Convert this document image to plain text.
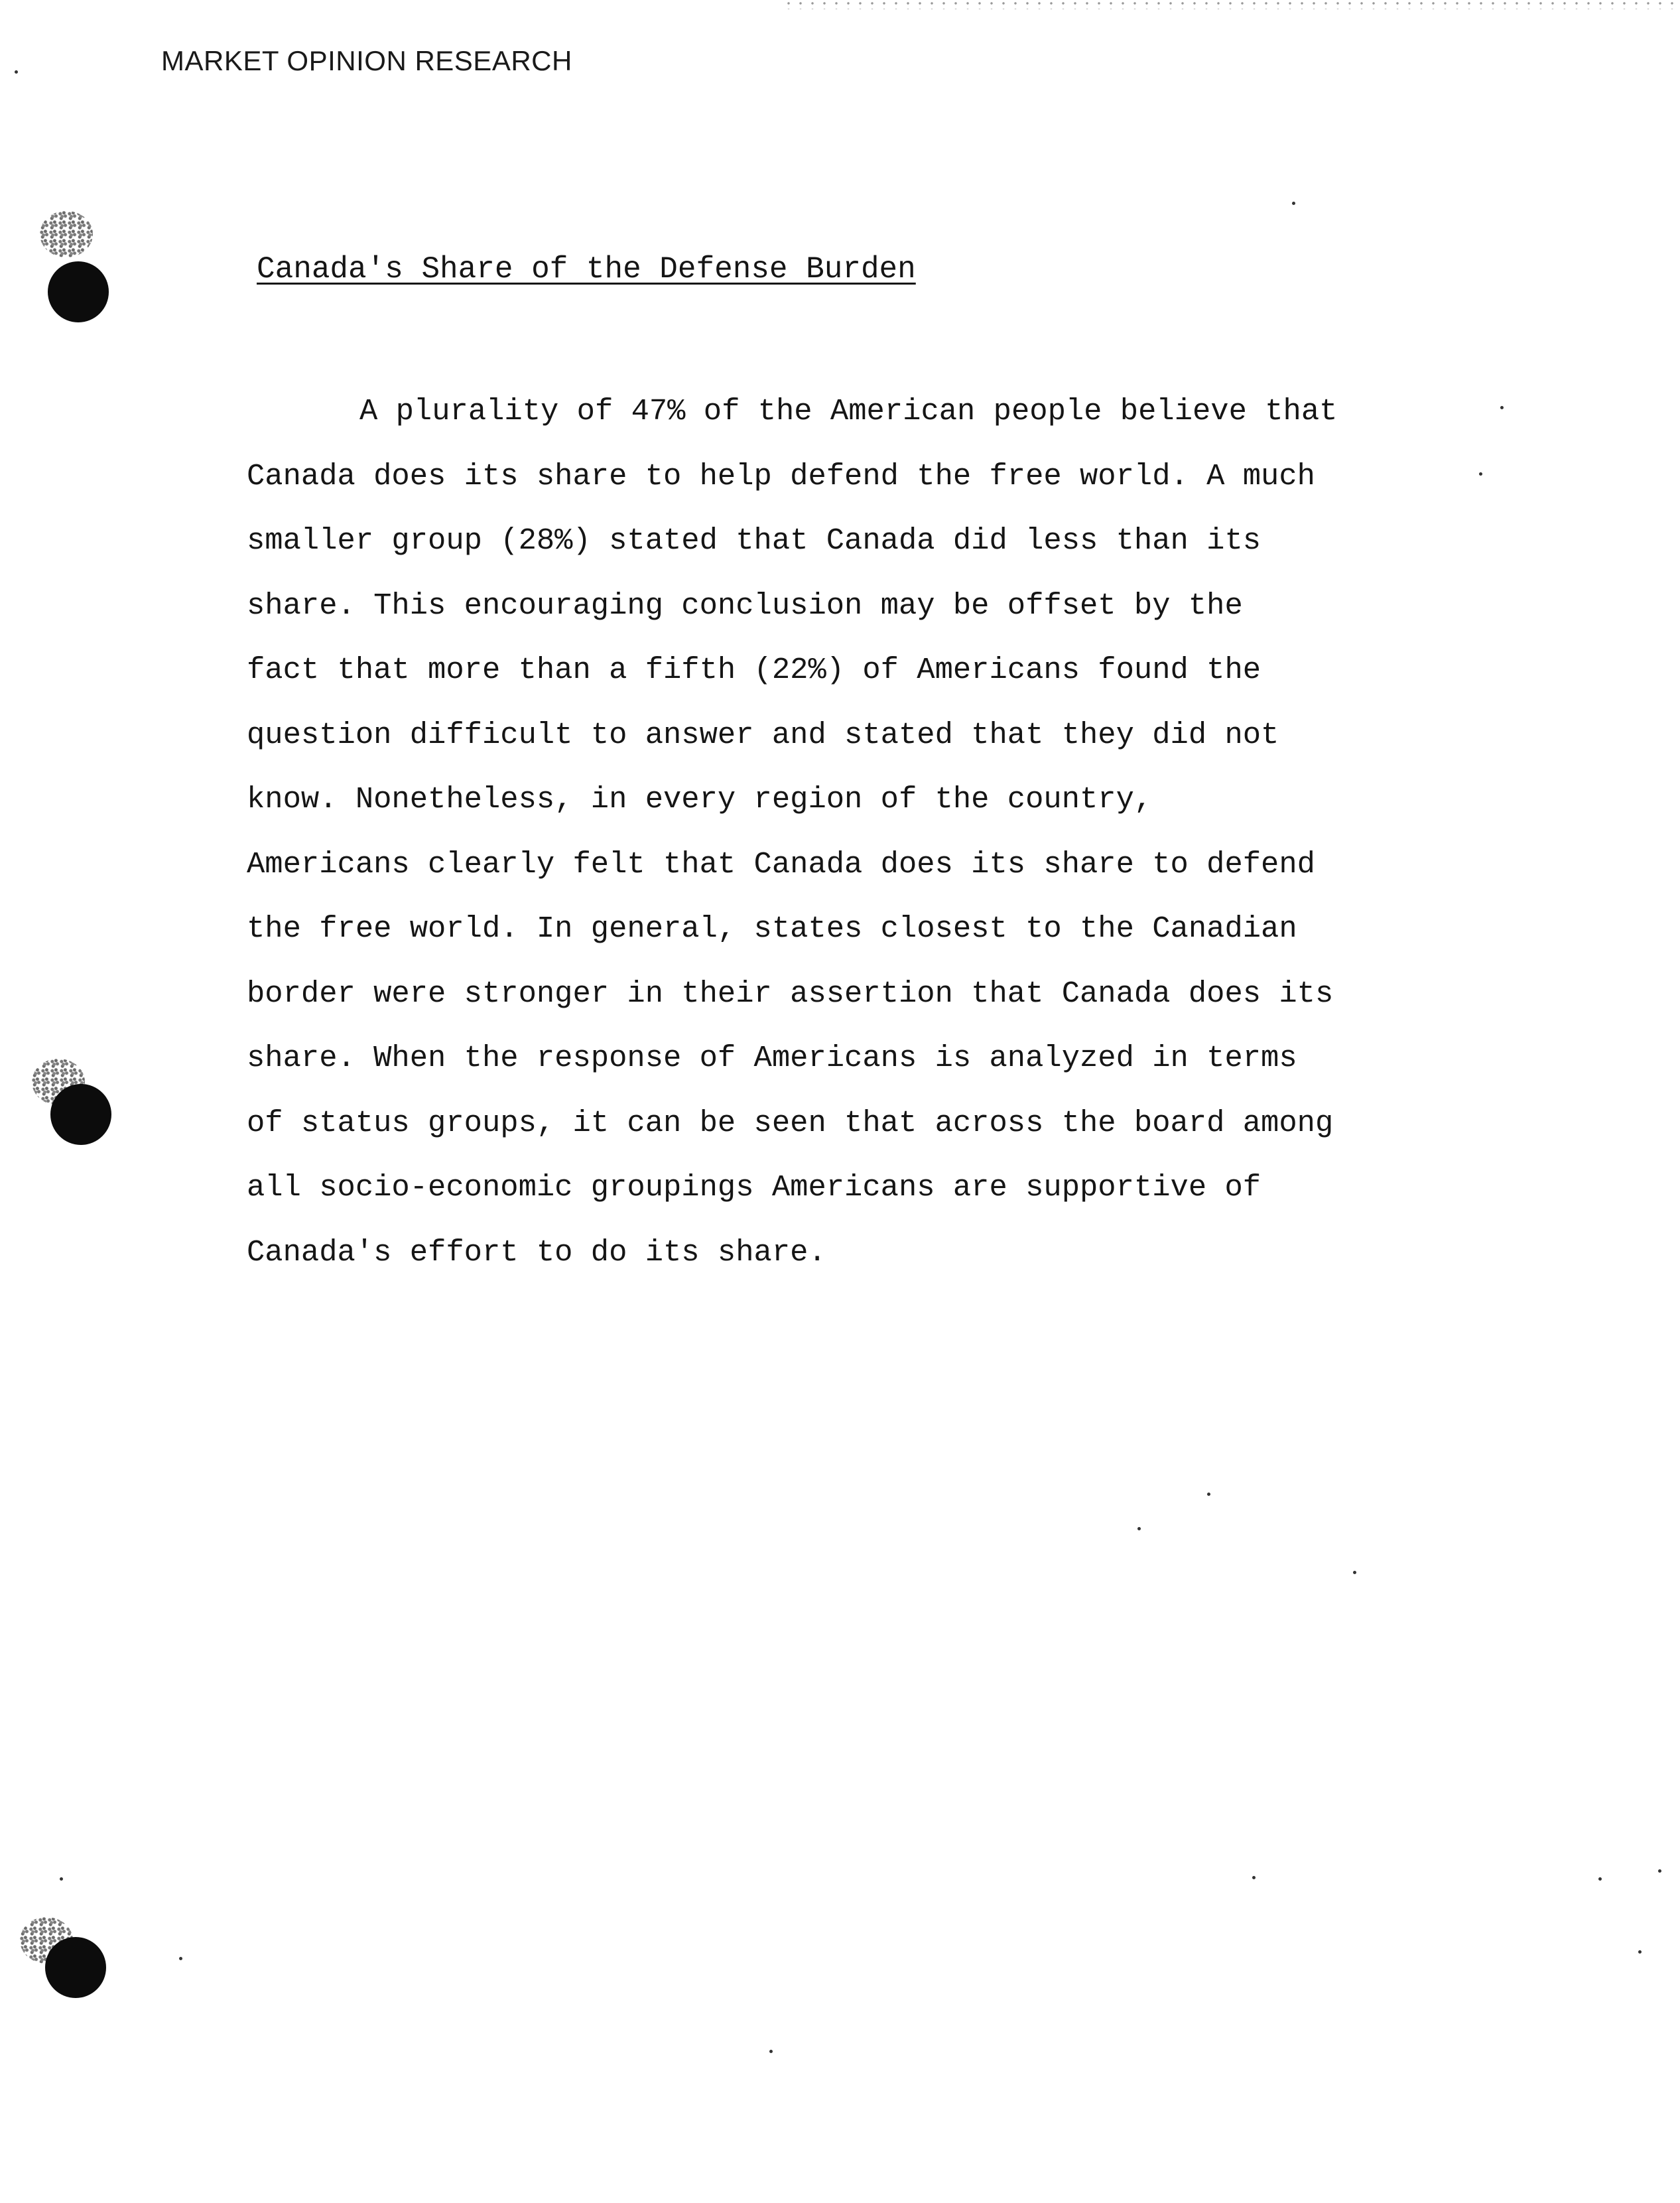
MARKET OPINION RESEARCH
Canada's Share of the Defense Burden

A plurality of 47% of the American people believe that
Canada does its share to help defend the free world. A much
smaller group (28%) stated that Canada did less than its
share. This encouraging conclusion may be offset by the
fact that more than a fifth (22%) of Americans found the
question difficult to answer and stated that they did not
know. Nonetheless, in every region of the country,
Americans clearly felt that Canada does its share to defend
the free world. In general, states closest to the Canadian
border were stronger in their assertion that Canada does its
share. When the response of Americans is analyzed in terms
of status groups, it can be seen that across the board among
all socio-economic groupings Americans are supportive of
Canada's effort to do its share.
